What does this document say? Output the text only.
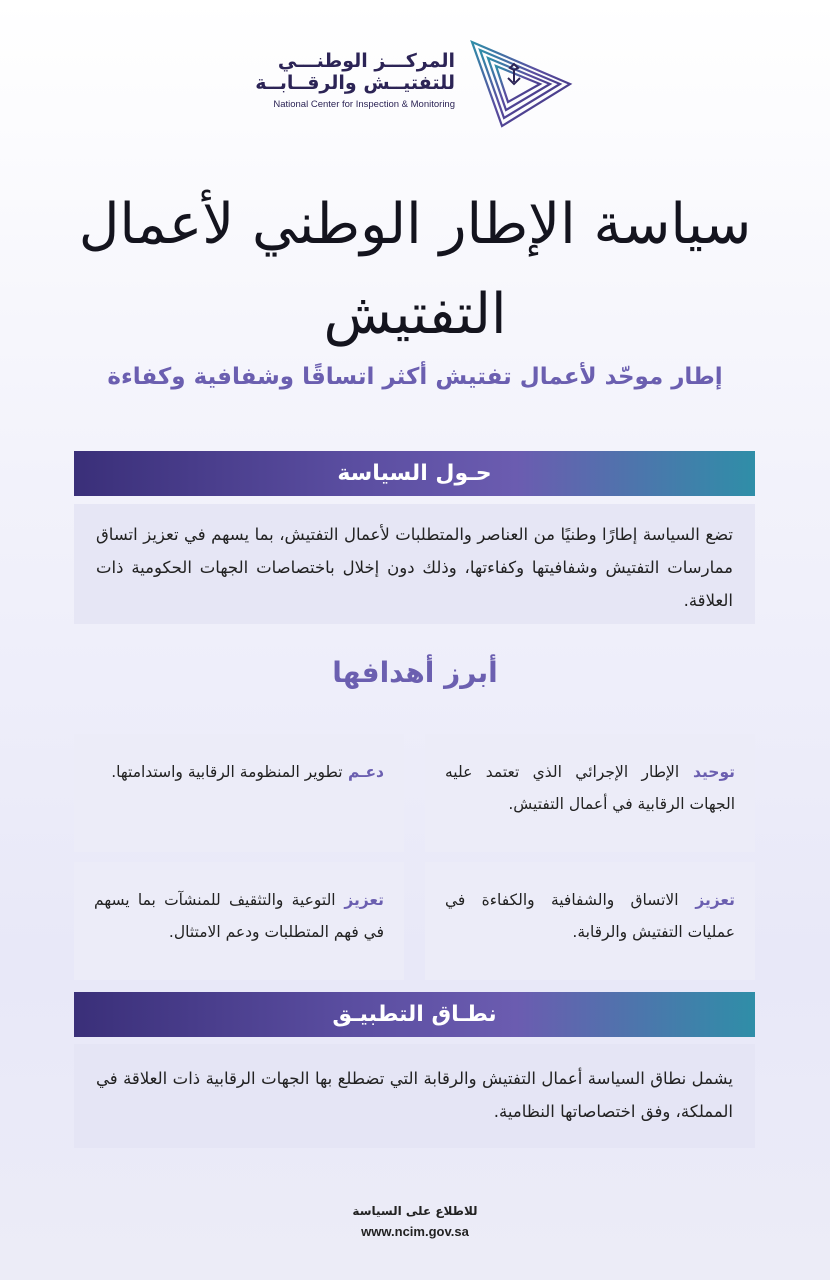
المركـــز الوطنـــي
للتفتيــش والرقــابــة
National Center for Inspection & Monitoring
سياسة الإطار الوطني لأعمال التفتيش
إطار موحّد لأعمال تفتيش أكثر اتساقًا وشفافية وكفاءة
حـول السياسة
تضع السياسة إطارًا وطنيًا من العناصر والمتطلبات لأعمال التفتيش، بما يسهم في تعزيز اتساق ممارسات التفتيش وشفافيتها وكفاءتها، وذلك دون إخلال باختصاصات الجهات الحكومية ذات العلاقة.
أبرز أهدافها
توحيد الإطار الإجرائي الذي تعتمد عليه الجهات الرقابية في أعمال التفتيش.
دعـم تطوير المنظومة الرقابية واستدامتها.
تعزيز الاتساق والشفافية والكفاءة في عمليات التفتيش والرقابة.
تعزيز التوعية والتثقيف للمنشآت بما يسهم في فهم المتطلبات ودعم الامتثال.
نطـاق التطبيـق
يشمل نطاق السياسة أعمال التفتيش والرقابة التي تضطلع بها الجهات الرقابية ذات العلاقة في المملكة، وفق اختصاصاتها النظامية.
للاطلاع على السياسة
www.ncim.gov.sa
